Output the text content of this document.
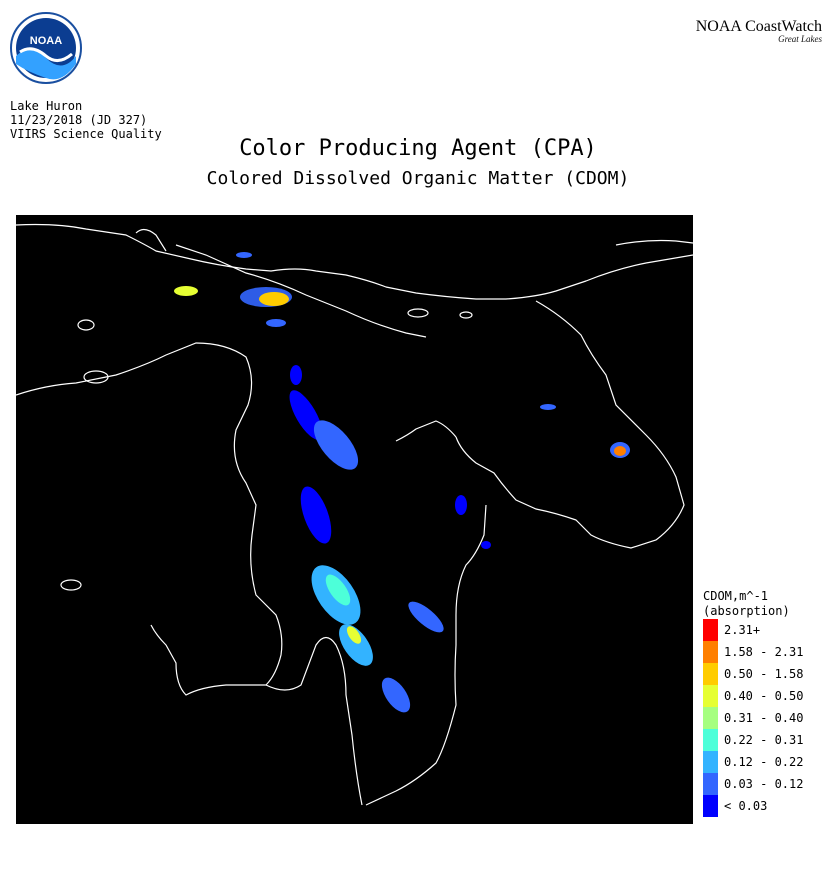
NOAA
NOAA CoastWatch
Great Lakes
Lake Huron
11/23/2018 (JD 327)
VIIRS Science Quality
Color Producing Agent (CPA)
Colored Dissolved Organic Matter (CDOM)
CDOM,m^-1
(absorption)
2.31+
1.58 - 2.31
0.50 - 1.58
0.40 - 0.50
0.31 - 0.40
0.22 - 0.31
0.12 - 0.22
0.03 - 0.12
< 0.03
